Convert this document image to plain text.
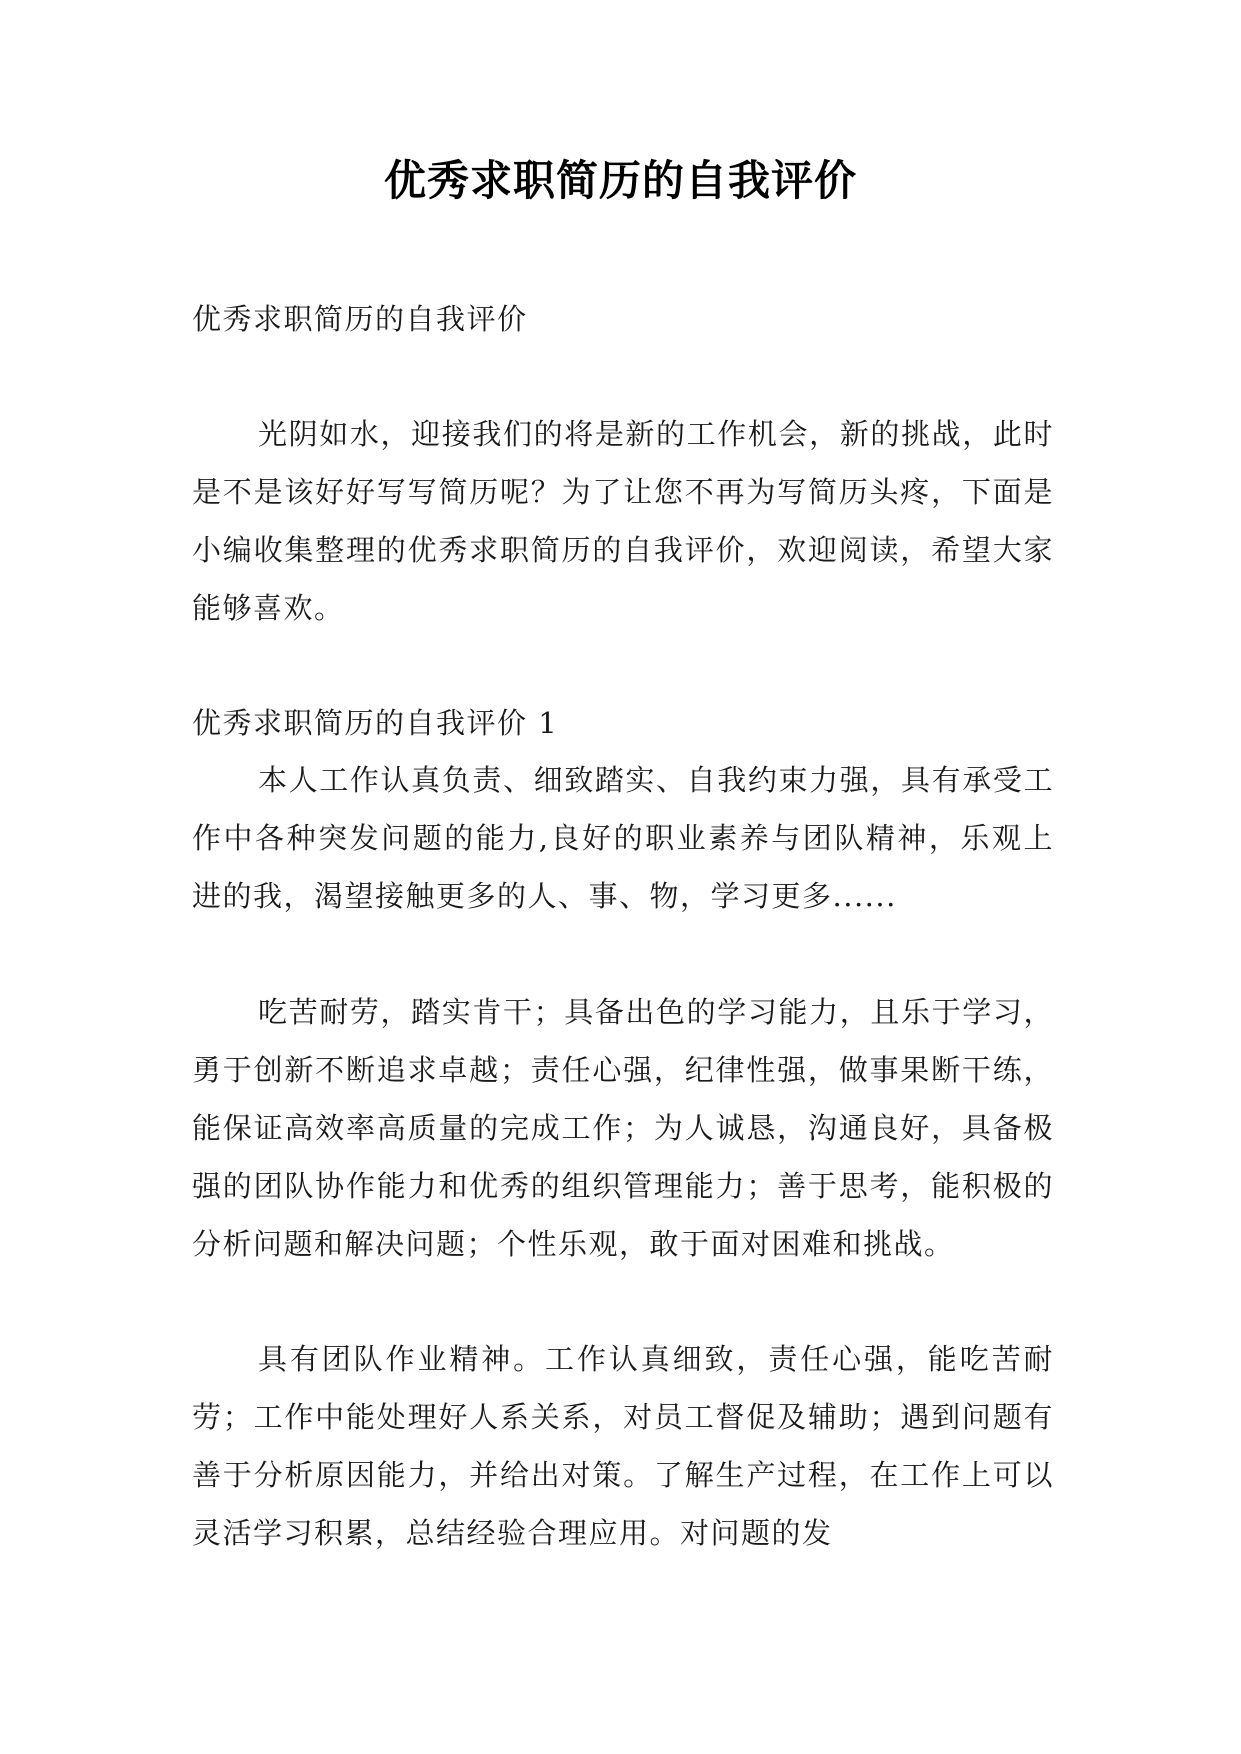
优秀求职简历的自我评价

优秀求职简历的自我评价

光阴如水，迎接我们的将是新的工作机会，新的挑战，此时是不是该好好写写简历呢？为了让您不再为写简历头疼，下面是小编收集整理的优秀求职简历的自我评价，欢迎阅读，希望大家能够喜欢。

优秀求职简历的自我评价 1

本人工作认真负责、细致踏实、自我约束力强，具有承受工作中各种突发问题的能力,良好的职业素养与团队精神，乐观上进的我，渴望接触更多的人、事、物，学习更多......

吃苦耐劳，踏实肯干；具备出色的学习能力，且乐于学习，勇于创新不断追求卓越；责任心强，纪律性强，做事果断干练，能保证高效率高质量的完成工作；为人诚恳，沟通良好，具备极强的团队协作能力和优秀的组织管理能力；善于思考，能积极的分析问题和解决问题；个性乐观，敢于面对困难和挑战。

具有团队作业精神。工作认真细致，责任心强，能吃苦耐劳；工作中能处理好人系关系，对员工督促及辅助；遇到问题有善于分析原因能力，并给出对策。了解生产过程，在工作上可以灵活学习积累，总结经验合理应用。对问题的发
